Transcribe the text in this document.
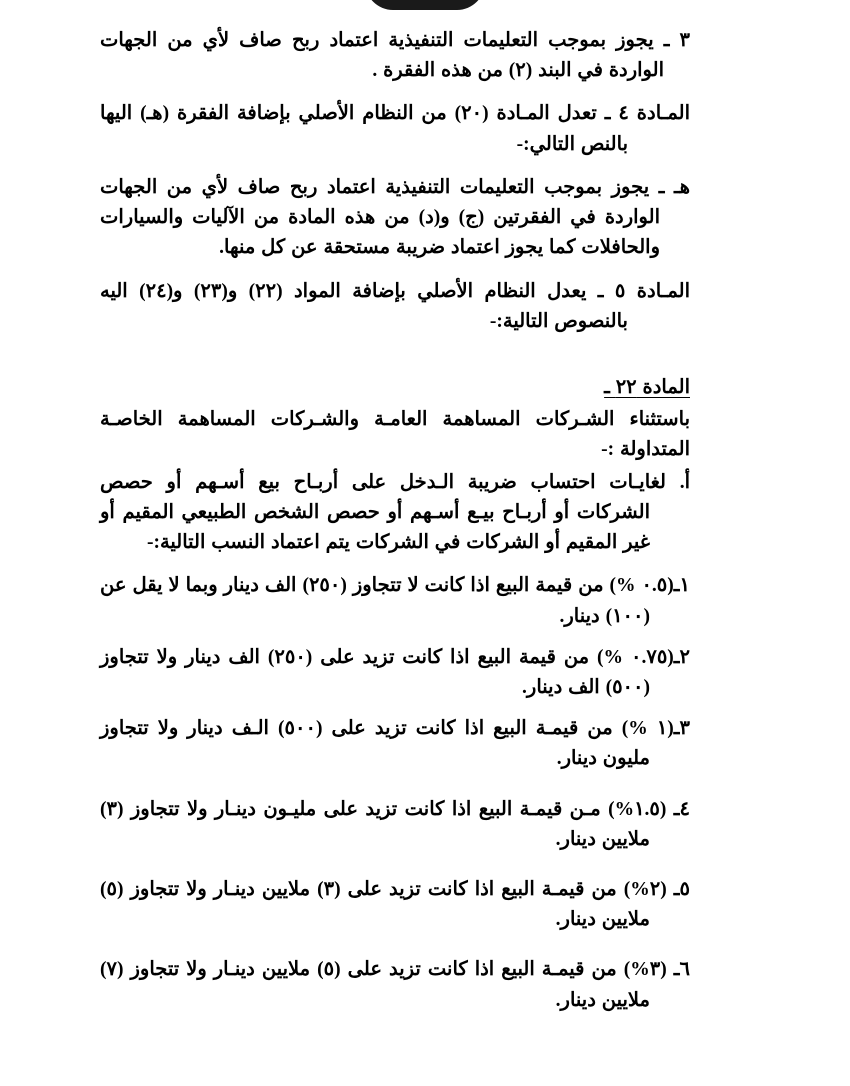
٣ ـ يجوز بموجب التعليمات التنفيذية اعتماد ربح صاف لأي من الجهات الواردة في البند (٢) من هذه الفقرة .

المـادة ٤ ـ تعدل المـادة (٢٠) من النظام الأصلي بإضافة الفقرة (هـ) اليها بالنص التالي:-

هـ ـ يجوز بموجب التعليمات التنفيذية اعتماد ربح صاف لأي من الجهات الواردة في الفقرتين (ج) و(د) من هذه المادة من الآليات والسيارات والحافلات كما يجوز اعتماد ضريبة مستحقة عن كل منها.

المـادة ٥ ـ يعدل النظام الأصلي بإضافة المواد (٢٢) و(٢٣) و(٢٤) اليه بالنصوص التالية:-

المادة ٢٢ ـ

باستثناء الشـركات المساهمة العامـة والشـركات المساهمة الخاصـة المتداولة :-

أ. لغايـات احتساب ضريبة الـدخل على أربـاح بيع أسـهم أو حصص الشركات أو أربـاح بيـع أسـهم أو حصص الشخص الطبيعي المقيم أو غير المقيم أو الشركات في الشركات يتم اعتماد النسب التالية:-

١ـ(٠.٥ %) من قيمة البيع اذا كانت لا تتجاوز (٢٥٠) الف دينار وبما لا يقل عن (١٠٠) دينار.

٢ـ(٠.٧٥ %) من قيمة البيع اذا كانت تزيد على (٢٥٠) الف دينار ولا تتجاوز (٥٠٠) الف دينار.

٣ـ(١ %) من قيمـة البيع اذا كانت تزيد على (٥٠٠) الـف دينار ولا تتجاوز مليون دينار.

٤ـ (١.٥%) مـن قيمـة البيع اذا كانت تزيد على مليـون دينـار ولا تتجاوز (٣) ملايين دينار.

٥ـ (٢%) من قيمـة البيع اذا كانت تزيد على (٣) ملايين دينـار ولا تتجاوز (٥) ملايين دينار.

٦ـ (٣%) من قيمـة البيع اذا كانت تزيد على (٥) ملايين دينـار ولا تتجاوز (٧) ملايين دينار.
